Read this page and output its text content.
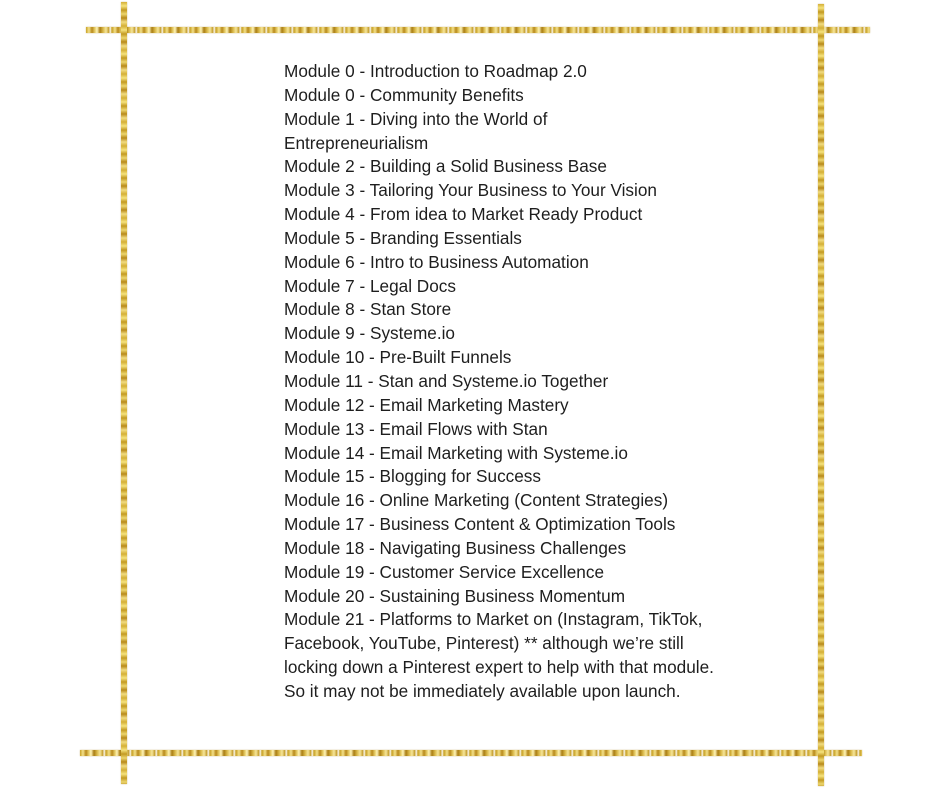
Module 0 - Introduction to Roadmap 2.0
Module 0 - Community Benefits
Module 1 - Diving into the World of Entrepreneurialism
Module 2 - Building a Solid Business Base
Module 3 - Tailoring Your Business to Your Vision
Module 4 - From idea to Market Ready Product
Module 5 - Branding Essentials
Module 6 - Intro to Business Automation
Module 7 - Legal Docs
Module 8 - Stan Store
Module 9 - Systeme.io
Module 10 - Pre-Built Funnels
Module 11 - Stan and Systeme.io Together
Module 12 - Email Marketing Mastery
Module 13 - Email Flows with Stan
Module 14 - Email Marketing with Systeme.io
Module 15 - Blogging for Success
Module 16 - Online Marketing (Content Strategies)
Module 17 - Business Content & Optimization Tools
Module 18 - Navigating Business Challenges
Module 19 - Customer Service Excellence
Module 20 - Sustaining Business Momentum
Module 21 - Platforms to Market on (Instagram, TikTok, Facebook, YouTube, Pinterest) ** although we’re still locking down a Pinterest expert to help with that module. So it may not be immediately available upon launch.
